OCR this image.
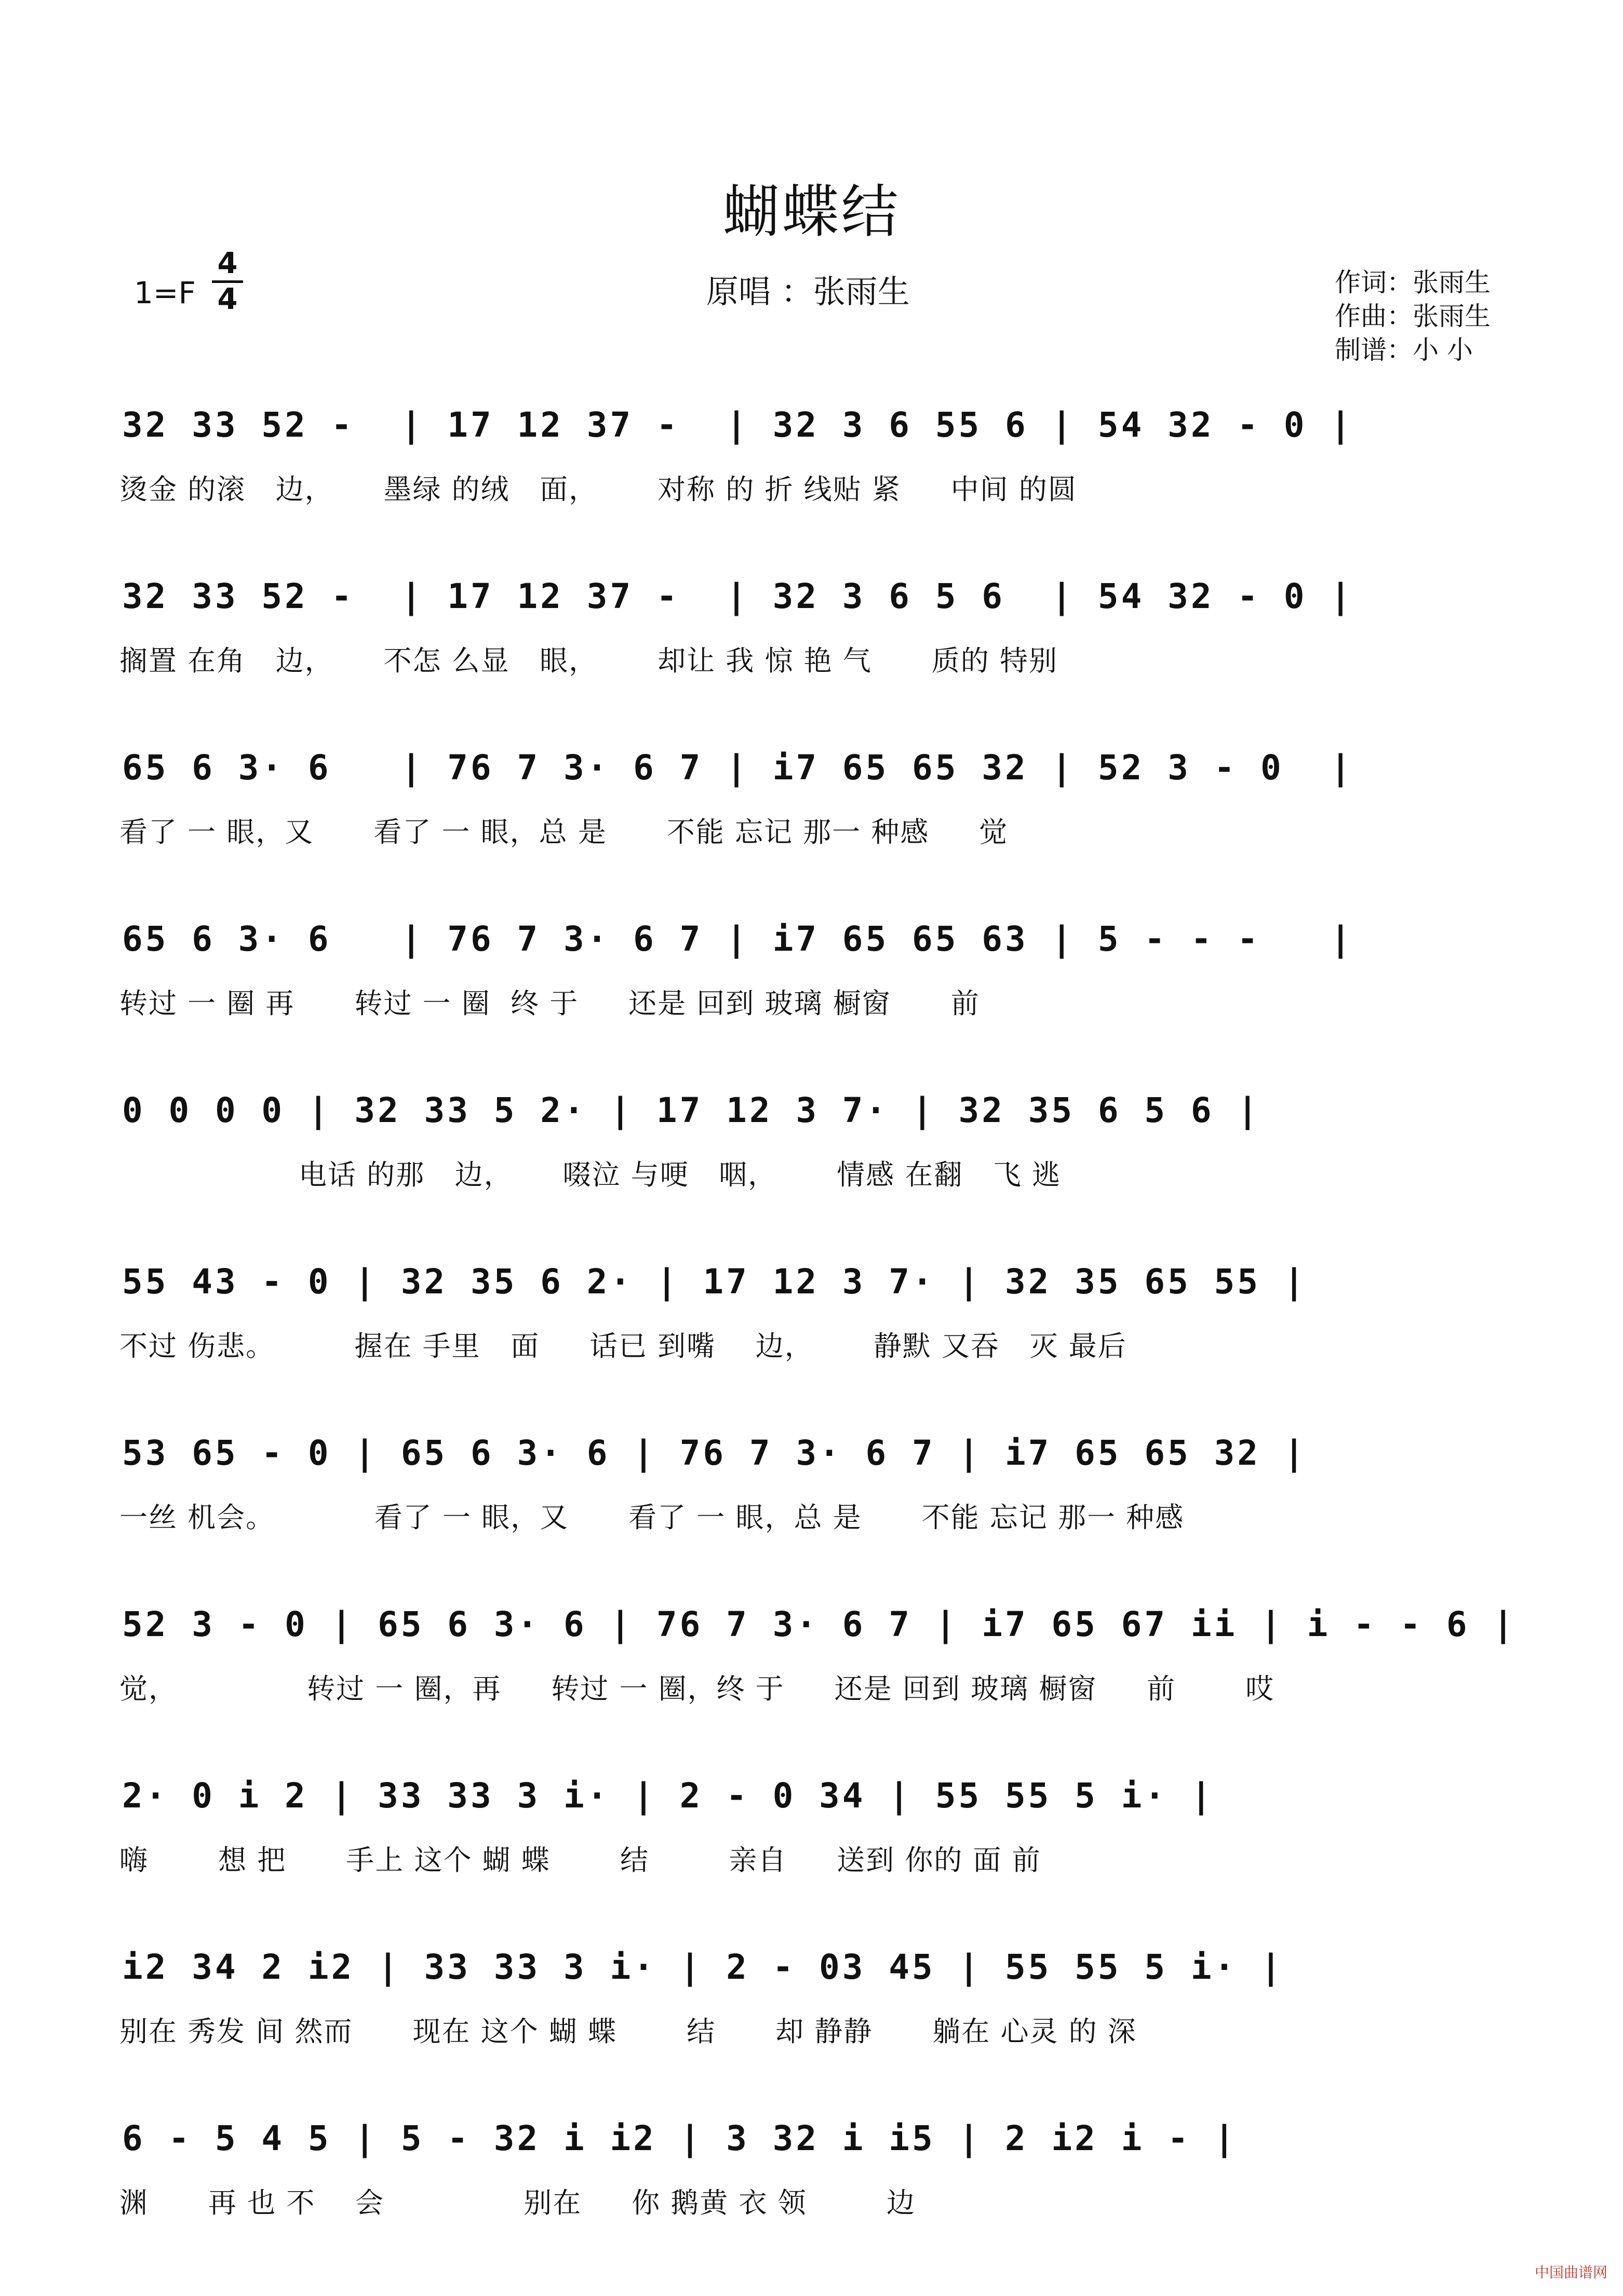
蝴蝶结
1=F
4
4	原唱 ：张雨生	作词：张雨生
作曲：张雨生
制谱：小 小
32 33 52 -  | 17 12 37 -  | 32 3 6 55 6 | 54 32 - 0 |
烫金 的滚   边，     墨绿 的绒   面，      对称 的 折 线贴 紧     中间 的圆
32 33 52 -  | 17 12 37 -  | 32 3 6 5 6  | 54 32 - 0 |
搁置 在角   边，     不怎 么显   眼，      却让 我 惊 艳 气      质的 特别
65 6 3· 6   | 76 7 3· 6 7 | i7 65 65 32 | 52 3 - 0  |
看了 一 眼，又      看了 一 眼，总 是      不能 忘记 那一 种感     觉
65 6 3· 6   | 76 7 3· 6 7 | i7 65 65 63 | 5 - - -   |
转过 一 圈 再      转过 一 圈  终 于     还是 回到 玻璃 橱窗      前
0 0 0 0 | 32 33 5 2· | 17 12 3 7· | 32 35 6 5 6 |
电话 的那   边，     啜泣 与哽   咽，      情感 在翻   飞 逃
55 43 - 0 | 32 35 6 2· | 17 12 3 7· | 32 35 65 55 |
不过 伤悲。        握在 手里   面     话已 到嘴    边，      静默 又吞   灭 最后
53 65 - 0 | 65 6 3· 6 | 76 7 3· 6 7 | i7 65 65 32 |
一丝 机会。          看了 一 眼，又      看了 一 眼，总 是      不能 忘记 那一 种感
52 3 - 0 | 65 6 3· 6 | 76 7 3· 6 7 | i7 65 67 ii | i - - 6 |
觉，             转过 一 圈，再     转过 一 圈，终 于     还是 回到 玻璃 橱窗     前       哎
2· 0 i 2 | 33 33 3 i· | 2 - 0 34 | 55 55 5 i· |
嗨       想 把      手上 这个 蝴 蝶       结        亲自     送到 你的 面 前
i2 34 2 i2 | 33 33 3 i· | 2 - 03 45 | 55 55 5 i· |
别在 秀发 间 然而      现在 这个 蝴 蝶       结      却 静静      躺在 心灵 的 深
6 - 5 4 5 | 5 - 32 i i2 | 3 32 i i5 | 2 i2 i - |
渊      再 也 不    会              别在     你 鹅黄 衣 领        边
中国曲谱网
